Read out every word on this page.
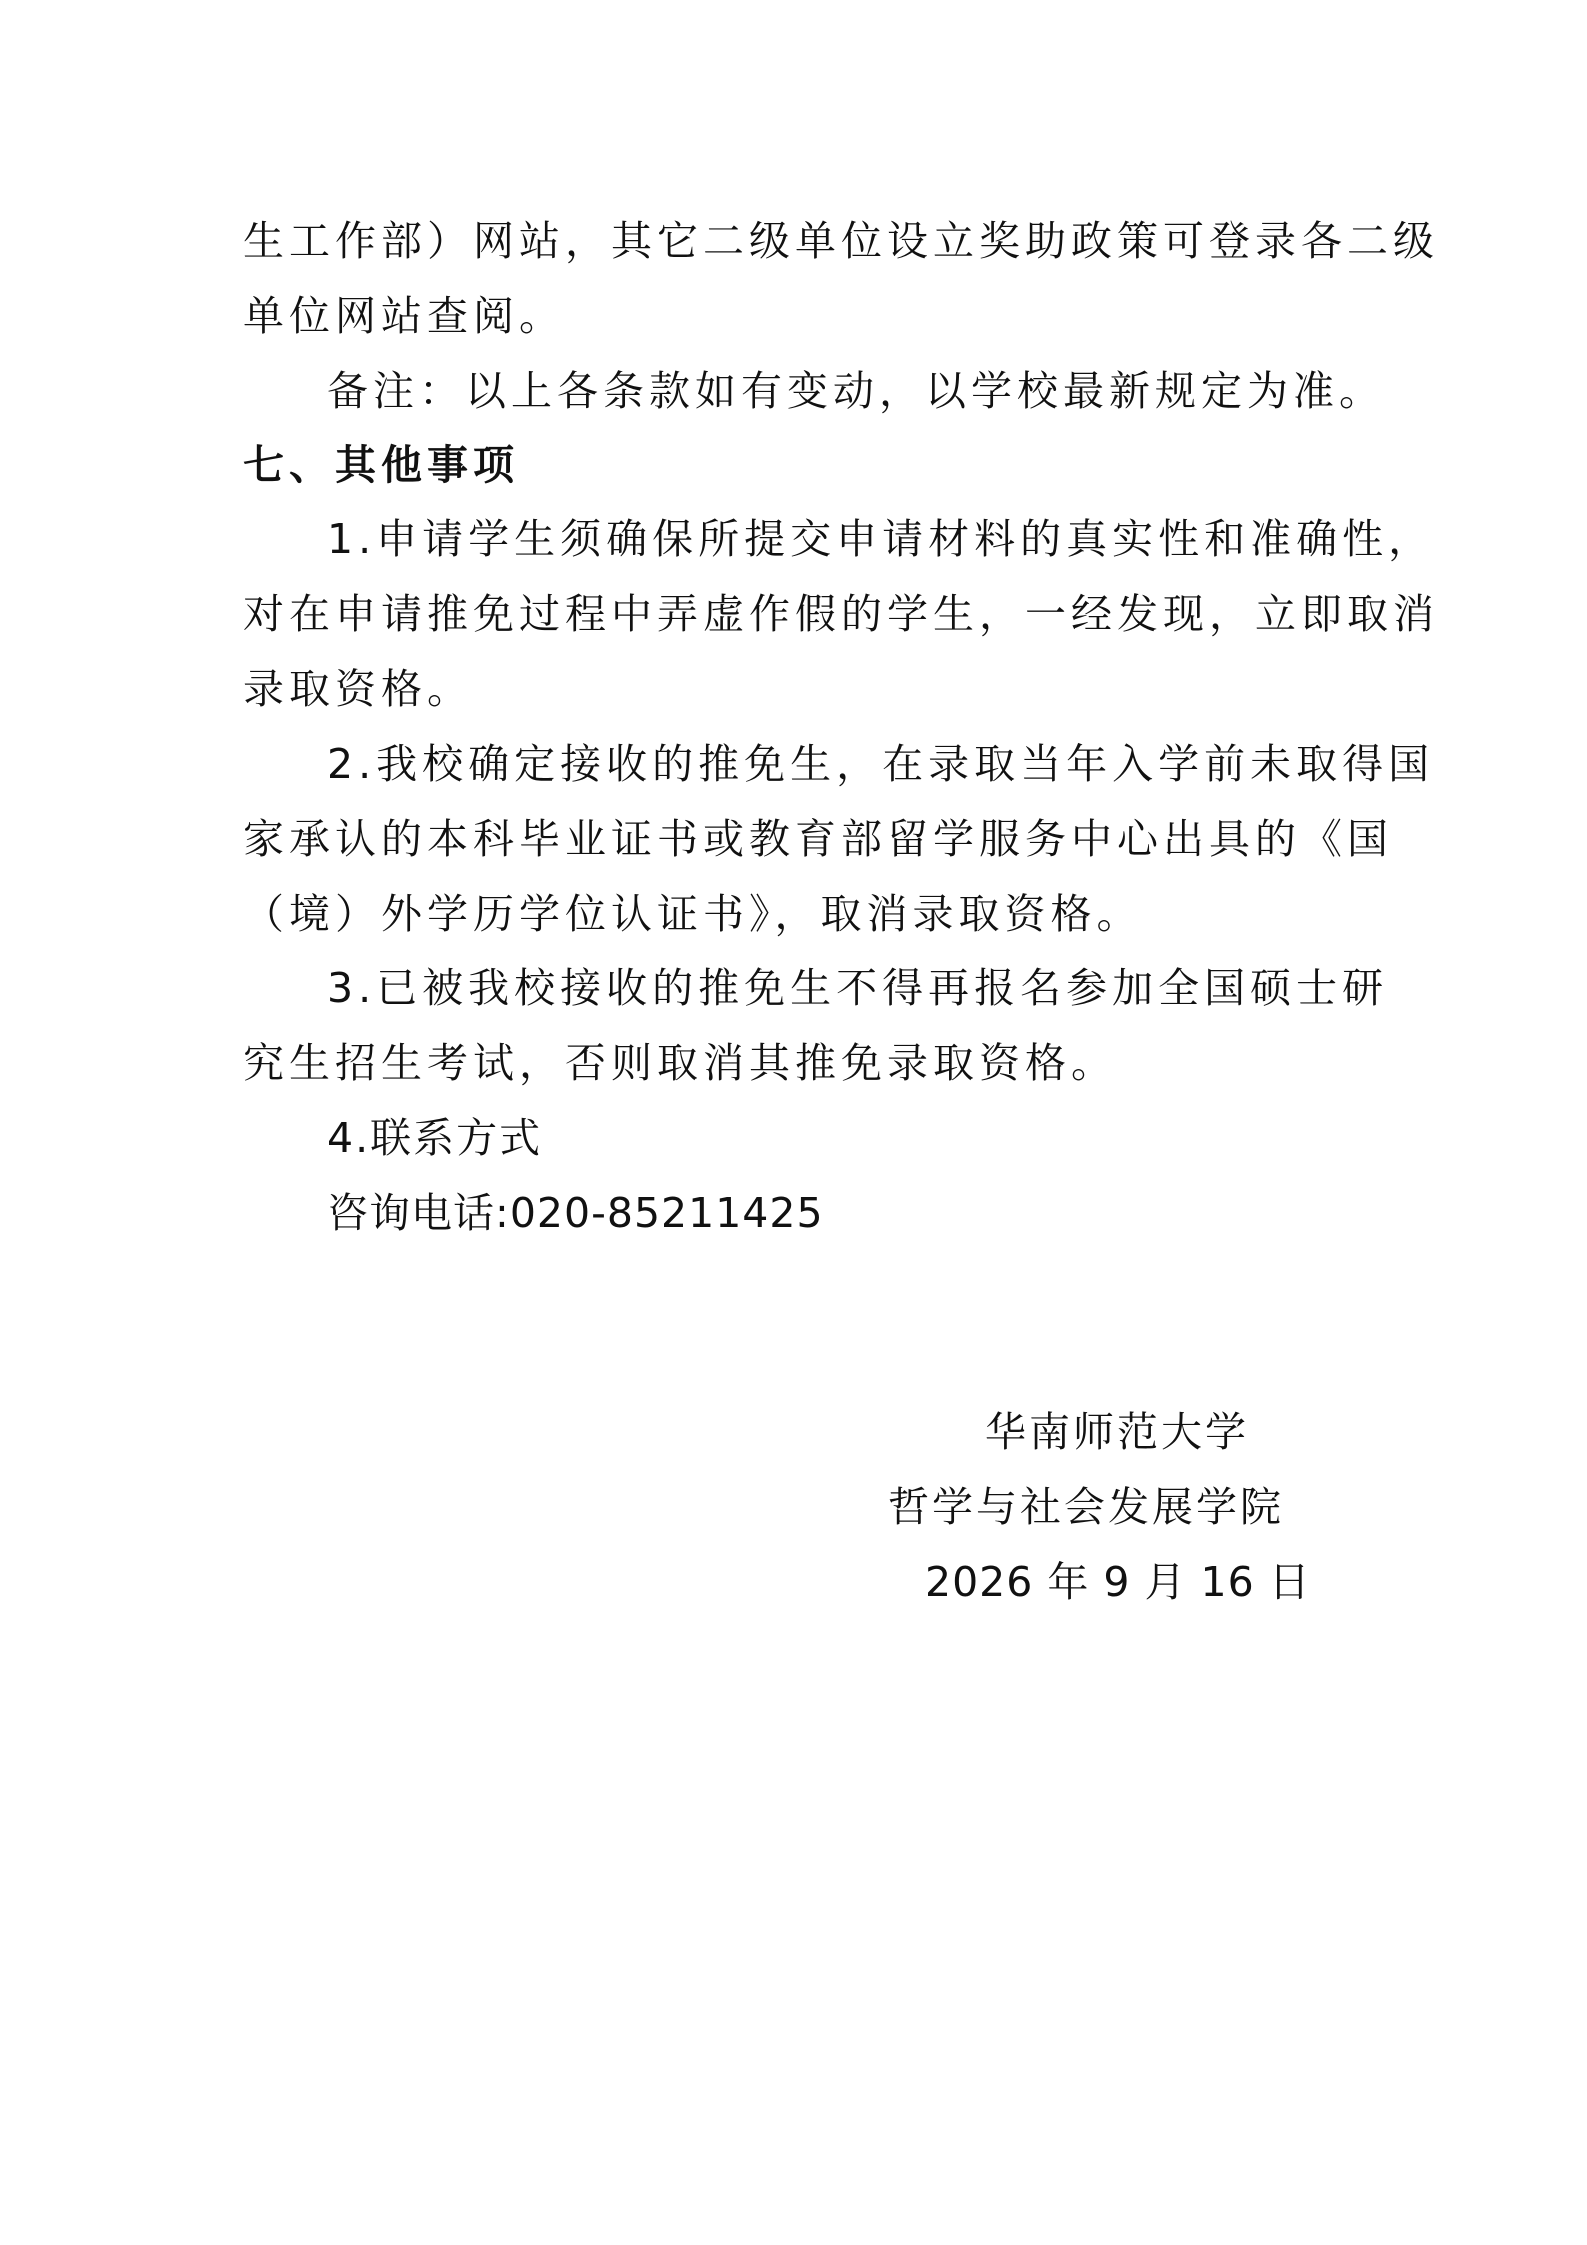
生工作部）网站，其它二级单位设立奖助政策可登录各二级
单位网站查阅。
备注：以上各条款如有变动，以学校最新规定为准。
七、其他事项
1.申请学生须确保所提交申请材料的真实性和准确性，
对在申请推免过程中弄虚作假的学生，一经发现，立即取消
录取资格。
2.我校确定接收的推免生，在录取当年入学前未取得国
家承认的本科毕业证书或教育部留学服务中心出具的《国
（境）外学历学位认证书》，取消录取资格。
3.已被我校接收的推免生不得再报名参加全国硕士研
究生招生考试，否则取消其推免录取资格。
4.联系方式
咨询电话:020-85211425
华南师范大学
哲学与社会发展学院
2026 年 9 月 16 日
